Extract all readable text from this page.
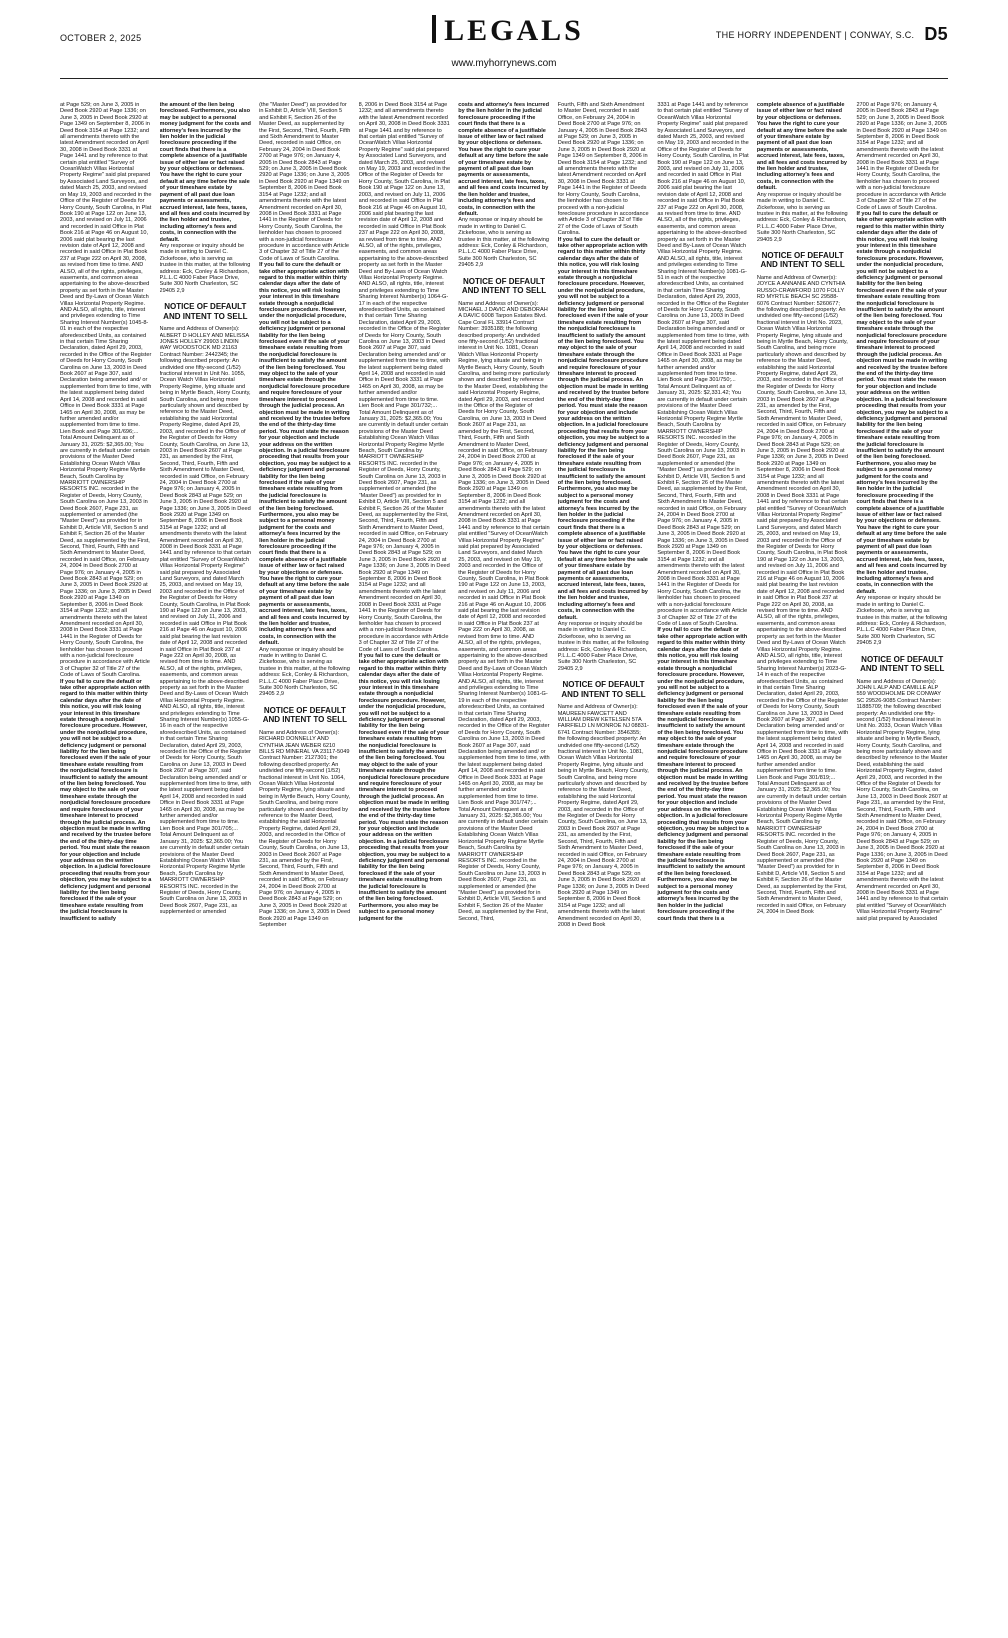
OCTOBER 2, 2025	LEGALS
www.myhorrynews.com
THE HORRY INDEPENDENT | CONWAY, S.C. D5

at Page 529; on June 3, 2005 in Deed Book 2920 at Page 1336; on June 3, 2005 in Deed Book 2920 at Page 1349 on September 8, 2006 in Deed Book 3154 at Page 1232; and all amendments thereto with the latest Amendment recorded on April 30, 2008 in Deed Book 3331 at Page 1441 and by reference to that certain plat entitled "Survey of OceanWatch Villas Horizontal Property Regime" said plat prepared by Associated Land Surveyors, and dated March 25, 2003, and revised on May 19, 2003 and recorded in the Office of the Register of Deeds for Horry County, South Carolina, in Plat Book 190 at Page 122 on June 13, 2003, and revised on July 11, 2006 and recorded in said Office in Plat Book 216 at Page 46 on August 10, 2006 said plat bearing the last revision date of April 12, 2008 and recorded in said Office in Plat Book 237 at Page 222 on April 30, 2008, as revised from time to time. AND ALSO, all of the rights, privileges, easements, and common areas appertaining to the above-described property as set forth in the Master Deed and By-Laws of Ocean Watch Villas Horizontal Property Regime. AND ALSO, all rights, title, interest and privileges extending to Time Sharing Interest Number(s) 1045-8-01 in each of the respective aforedescribed Units, as contained in that certain Time Sharing Declaration, dated April 29, 2003, recorded in the Office of the Register of Deeds for Horry County, South Carolina on June 13, 2003 in Deed Book 2607 at Page 307, said Declaration being amended and/ or supplemented from time to time, with the latest supplement being dated April 14, 2008 and recorded in said Office in Deed Book 3331 at Page 1465 on April 30, 2008, as may be further amended and/or supplemented from time to time. Lien Book and Page 301/696;... Total Amount Delinquent as of January 31, 2025: $2,365.00; You are currently in default under certain provisions of the Master Deed Establishing Ocean Watch Villas Horizontal Property Regime Myrtle Beach, South Carolina by MARRIOTT OWNERSHIP RESORTS INC. recorded in the Register of Deeds, Horry County, South Carolina on June 13, 2003 in Deed Book 2607, Page 231, as supplemented or amended (the "Master Deed") as provided for in Exhibit D, Article VIII, Section 5 and Exhibit F, Section 26 of the Master Deed, as supplemented by the First, Second, Third, Fourth, Fifth and Sixth Amendment to Master Deed, recorded in said Office, on February 24, 2004 in Deed Book 2700 at Page 976; on January 4, 2005 in Deed Book 2843 at Page 529; on June 3, 2005 in Deed Book 2920 at Page 1336; on June 3, 2005 in Deed Book 2920 at Page 1349 on September 8, 2006 in Deed Book 3154 at Page 1232; and all amendments thereto with the latest Amendment recorded on April 30, 2008 in Deed Book 3331 at Page 1441 in the Register of Deeds for Horry County, South Carolina, the lienholder has chosen to proceed with a non-judicial foreclosure procedure in accordance with Article 3 of Chapter 32 of Title 27 of the Code of Laws of South Carolina.

If you fail to cure the default or take other appropriate action with regard to this matter within thirty calendar days after the date of this notice, you will risk losing your interest in this timeshare estate through a nonjudicial foreclosure procedure. However, under the nonjudicial procedure, you will not be subject to a deficiency judgment or personal liability for the lien being foreclosed even if the sale of your timeshare estate resulting from the nonjudicial foreclosure is insufficient to satisfy the amount of the lien being foreclosed. You may object to the sale of your timeshare estate through the nonjudicial foreclosure procedure and require foreclosure of your timeshare interest to proceed through the judicial process. An objection must be made in writing and received by the trustee before the end of the thirty-day time period. You must state the reason for your objection and include your address on the written objection. In a judicial foreclosure proceeding that results from your objection, you may be subject to a deficiency judgment and personal liability for the lien being foreclosed if the sale of your timeshare estate resulting from the judicial foreclosure is insufficient to satisfy

the amount of the lien being foreclosed. Furthermore, you also may be subject to a personal money judgment for the costs and attorney's fees incurred by the lien holder in the judicial foreclosure proceeding if the court finds that there is a complete absence of a justifiable issue of either law or fact raised by your objections or defenses. You have the right to cure your default at any time before the sale of your timeshare estate by payment of all past due loan payments or assessments, accrued interest, late fees, taxes, and all fees and costs incurred by the lien holder and trustee, including attorney's fees and costs, in connection with the default.

Any response or inquiry should be made in writing to Daniel C. Zickefoose, who is serving as trustee in this matter, at the following address: Eck, Conley & Richardson, P.L.L.C 4000 Faber Place Drive, Suite 300 North Charleston, SC 29405 2,9

NOTICE OF DEFAULT AND INTENT TO SELL

Name and Address of Owner(s): ALBERT D HOLLEY AND MELISSA JONES HOLLEY 29903 LINDIN WAY WOODSTOCK MD 21163 Contract Number: 2442345; the following described property: An undivided one fifty-second (1/52) fractional interest in Unit No. 1055, Ocean Watch Villas Horizontal Property Regime, lying situate and being in Myrtle Beach, Horry County, South Carolina, and being more particularly shown and described by reference to the Master Deed, establishing the said Horizontal Property Regime, dated April 29, 2003, and recorded in the Office of the Register of Deeds for Horry County, South Carolina, on June 13, 2003 in Deed Book 2607 at Page 231, as amended by the First, Second, Third, Fourth, Fifth and Sixth Amendment to Master Deed, recorded in said Office, on February 24, 2004 in Deed Book 2700 at Page 976; on January 4, 2005 in Deed Book 2843 at Page 529; on June 3, 2005 in Deed Book 2920 at Page 1336; on June 3, 2005 in Deed Book 2920 at Page 1349 on September 8, 2006 in Deed Book 3154 at Page 1232; and all amendments thereto with the latest Amendment recorded on April 30, 2008 in Deed Book 3331 at Page 1441 and by reference to that certain plat entitled "Survey of OceanWatch Villas Horizontal Property Regime" said plat prepared by Associated Land Surveyors, and dated March 25, 2003, and revised on May 19, 2003 and recorded in the Office of the Register of Deeds for Horry County, South Carolina, in Plat Book 190 at Page 122 on June 13, 2003, and revised on July 11, 2006 and recorded in said Office in Plat Book 216 at Page 46 on August 10, 2006 said plat bearing the last revision date of April 12, 2008 and recorded in said Office in Plat Book 237 at Page 222 on April 30, 2008, as revised from time to time. AND ALSO, all of the rights, privileges, easements, and common areas appertaining to the above-described property as set forth in the Master Deed and By-Laws of Ocean Watch Villas Horizontal Property Regime. AND ALSO, all rights, title, interest and privileges extending to Time Sharing Interest Number(s) 1055-G-16 in each of the respective aforedescribed Units, as contained in that certain Time Sharing Declaration, dated April 29, 2003, recorded in the Office of the Register of Deeds for Horry County, South Carolina on June 13, 2003 in Deed Book 2607 at Page 307, said Declaration being amended and/ or supplemented from time to time, with the latest supplement being dated April 14, 2008 and recorded in said Office in Deed Book 3331 at Page 1465 on April 30, 2008, as may be further amended and/or supplemented from time to time. Lien Book and Page 301/705;... Total Amount Delinquent as of January 31, 2025: $2,365.00; You are currently in default under certain provisions of the Master Deed Establishing Ocean Watch Villas Horizontal Property Regime Myrtle Beach, South Carolina by MARRIOTT OWNERSHIP RESORTS INC. recorded in the Register of Deeds, Horry County, South Carolina on June 13, 2003 in Deed Book 2607, Page 231, as supplemented or amended

(the "Master Deed") as provided for in Exhibit D, Article VIII, Section 5 and Exhibit F, Section 26 of the Master Deed, as supplemented by the First, Second, Third, Fourth, Fifth and Sixth Amendment to Master Deed, recorded in said Office, on February 24, 2004 in Deed Book 2700 at Page 976; on January 4, 2005 in Deed Book 2843 at Page 529; on June 3, 2005 in Deed Book 2920 at Page 1336; on June 3, 2005 in Deed Book 2920 at Page 1349 on September 8, 2006 in Deed Book 3154 at Page 1232; and all amendments thereto with the latest Amendment recorded on April 30, 2008 in Deed Book 3331 at Page 1441 in the Register of Deeds for Horry County, South Carolina, the lienholder has chosen to proceed with a non-judicial foreclosure procedure in accordance with Article 3 of Chapter 32 of Title 27 of the Code of Laws of South Carolina.

If you fail to cure the default or take other appropriate action with regard to this matter within thirty calendar days after the date of this notice, you will risk losing your interest in this timeshare estate through a nonjudicial foreclosure procedure. However, under the nonjudicial procedure, you will not be subject to a deficiency judgment or personal liability for the lien being foreclosed even if the sale of your timeshare estate resulting from the nonjudicial foreclosure is insufficient to satisfy the amount of the lien being foreclosed. You may object to the sale of your timeshare estate through the nonjudicial foreclosure procedure and require foreclosure of your timeshare interest to proceed through the judicial process. An objection must be made in writing and received by the trustee before the end of the thirty-day time period. You must state the reason for your objection and include your address on the written objection. In a judicial foreclosure proceeding that results from your objection, you may be subject to a deficiency judgment and personal liability for the lien being foreclosed if the sale of your timeshare estate resulting from the judicial foreclosure is insufficient to satisfy the amount of the lien being foreclosed. Furthermore, you also may be subject to a personal money judgment for the costs and attorney's fees incurred by the lien holder in the judicial foreclosure proceeding if the court finds that there is a complete absence of a justifiable issue of either law or fact raised by your objections or defenses. You have the right to cure your default at any time before the sale of your timeshare estate by payment of all past due loan payments or assessments, accrued interest, late fees, taxes, and all fees and costs incurred by the lien holder and trustee, including attorney's fees and costs, in connection with the default.

Any response or inquiry should be made in writing to Daniel C. Zickefoose, who is serving as trustee in this matter, at the following address: Eck, Conley & Richardson, P.L.L.C 4000 Faber Place Drive, Suite 300 North Charleston, SC 29405 2,9

NOTICE OF DEFAULT AND INTENT TO SELL

Name and Address of Owner(s): RICHARD DONNELLY AND CYNTHIA JEAN WEBER 6210 BILLS RD MINERAL VA 23117-5049 Contract Number: 2127301; the following described property: An undivided one fifty-second (1/52) fractional interest in Unit No. 1064, Ocean Watch Villas Horizontal Property Regime, lying situate and being in Myrtle Beach, Horry County, South Carolina, and being more particularly shown and described by reference to the Master Deed, establishing the said Horizontal Property Regime, dated April 29, 2003, and recorded in the Office of the Register of Deeds for Horry County, South Carolina, on June 13, 2003 in Deed Book 2607 at Page 231, as amended by the First, Second, Third, Fourth, Fifth and Sixth Amendment to Master Deed, recorded in said Office, on February 24, 2004 in Deed Book 2700 at Page 976; on January 4, 2005 in Deed Book 2843 at Page 529; on June 3, 2005 in Deed Book 2920 at Page 1336; on June 3, 2005 in Deed Book 2920 at Page 1349 on September

8, 2006 in Deed Book 3154 at Page 1232; and all amendments thereto with the latest Amendment recorded on April 30, 2008 in Deed Book 3331 at Page 1441 and by reference to that certain plat entitled "Survey of OceanWatch Villas Horizontal Property Regime" said plat prepared by Associated Land Surveyors, and dated March 25, 2003, and revised on May 19, 2003 and recorded in the Office of the Register of Deeds for Horry County, South Carolina, in Plat Book 190 at Page 122 on June 13, 2003, and revised on July 11, 2006 and recorded in said Office in Plat Book 216 at Page 46 on August 10, 2006 said plat bearing the last revision date of April 12, 2008 and recorded in said Office in Plat Book 237 at Page 222 on April 30, 2008, as revised from time to time. AND ALSO, all of the rights, privileges, easements, and common areas appertaining to the above-described property as set forth in the Master Deed and By-Laws of Ocean Watch Villas Horizontal Property Regime. AND ALSO, all rights, title, interest and privileges extending to Time Sharing Interest Number(s) 1064-G-17 in each of the respective aforedescribed Units, as contained in that certain Time Sharing Declaration, dated April 29, 2003, recorded in the Office of the Register of Deeds for Horry County, South Carolina on June 13, 2003 in Deed Book 2607 at Page 307, said Declaration being amended and/ or supplemented from time to time, with the latest supplement being dated April 14, 2008 and recorded in said Office in Deed Book 3331 at Page 1465 on April 30, 2008, as may be further amended and/or supplemented from time to time. Lien Book and Page 301/732;... Total Amount Delinquent as of January 31, 2025: $2,365.00; You are currently in default under certain provisions of the Master Deed Establishing Ocean Watch Villas Horizontal Property Regime Myrtle Beach, South Carolina by MARRIOTT OWNERSHIP RESORTS INC. recorded in the Register of Deeds, Horry County, South Carolina on June 13, 2003 in Deed Book 2607, Page 231, as supplemented or amended (the "Master Deed") as provided for in Exhibit D, Article VIII, Section 5 and Exhibit F, Section 26 of the Master Deed, as supplemented by the First, Second, Third, Fourth, Fifth and Sixth Amendment to Master Deed, recorded in said Office, on February 24, 2004 in Deed Book 2700 at Page 976; on January 4, 2005 in Deed Book 2843 at Page 529; on June 3, 2005 in Deed Book 2920 at Page 1336; on June 3, 2005 in Deed Book 2920 at Page 1349 on September 8, 2006 in Deed Book 3154 at Page 1232; and all amendments thereto with the latest Amendment recorded on April 30, 2008 in Deed Book 3331 at Page 1441 in the Register of Deeds for Horry County, South Carolina, the lienholder has chosen to proceed with a non-judicial foreclosure procedure in accordance with Article 3 of Chapter 32 of Title 27 of the Code of Laws of South Carolina.

If you fail to cure the default or take other appropriate action with regard to this matter within thirty calendar days after the date of this notice, you will risk losing your interest in this timeshare estate through a nonjudicial foreclosure procedure. However, under the nonjudicial procedure, you will not be subject to a deficiency judgment or personal liability for the lien being foreclosed even if the sale of your timeshare estate resulting from the nonjudicial foreclosure is insufficient to satisfy the amount of the lien being foreclosed. You may object to the sale of your timeshare estate through the nonjudicial foreclosure procedure and require foreclosure of your timeshare interest to proceed through the judicial process. An objection must be made in writing and received by the trustee before the end of the thirty-day time period. You must state the reason for your objection and include your address on the written objection. In a judicial foreclosure proceeding that results from your objection, you may be subject to a deficiency judgment and personal liability for the lien being foreclosed if the sale of your timeshare estate resulting from the judicial foreclosure is insufficient to satisfy the amount of the lien being foreclosed. Furthermore, you also may be subject to a personal money judgment for the

costs and attorney's fees incurred by the lien holder in the judicial foreclosure proceeding if the court finds that there is a complete absence of a justifiable issue of either law or fact raised by your objections or defenses. You have the right to cure your default at any time before the sale of your timeshare estate by payment of all past due loan payments or assessments, accrued interest, late fees, taxes, and all fees and costs incurred by the lien holder and trustee, including attorney's fees and costs, in connection with the default.

Any response or inquiry should be made in writing to Daniel C. Zickefoose, who is serving as trustee in this matter, at the following address: Eck, Conley & Richardson, P.L.L.C 4000 Faber Place Drive, Suite 300 North Charleston, SC 29405 2,9

NOTICE OF DEFAULT AND INTENT TO SELL

Name and Address of Owner(s): MICHAEL J DAVIC AND DEBORAH A DAVIC 6008 Tarpon Estates Blvd. Cape Coral FL 33914 Contract Number: 3935188; the following described property: An undivided one fifty-second (1/52) fractional interest in Unit No. 1081, Ocean Watch Villas Horizontal Property Regime, lying situate and being in Myrtle Beach, Horry County, South Carolina, and being more particularly shown and described by reference to the Master Deed, establishing the said Horizontal Property Regime, dated April 29, 2003, and recorded in the Office of the Register of Deeds for Horry County, South Carolina, on June 13, 2003 in Deed Book 2607 at Page 231, as amended by the First, Second, Third, Fourth, Fifth and Sixth Amendment to Master Deed, recorded in said Office, on February 24, 2004 in Deed Book 2700 at Page 976; on January 4, 2005 in Deed Book 2843 at Page 529; on June 3, 2005 in Deed Book 2920 at Page 1336; on June 3, 2005 in Deed Book 2920 at Page 1349 on September 8, 2006 in Deed Book 3154 at Page 1232; and all amendments thereto with the latest Amendment recorded on April 30, 2008 in Deed Book 3331 at Page 1441 and by reference to that certain plat entitled "Survey of OceanWatch Villas Horizontal Property Regime" said plat prepared by Associated Land Surveyors, and dated March 25, 2003, and revised on May 19, 2003 and recorded in the Office of the Register of Deeds for Horry County, South Carolina, in Plat Book 190 at Page 122 on June 13, 2003, and revised on July 11, 2006 and recorded in said Office in Plat Book 216 at Page 46 on August 10, 2006 said plat bearing the last revision date of April 12, 2008 and recorded in said Office in Plat Book 237 at Page 222 on April 30, 2008, as revised from time to time. AND ALSO, all of the rights, privileges, easements, and common areas appertaining to the above-described property as set forth in the Master Deed and By-Laws of Ocean Watch Villas Horizontal Property Regime. AND ALSO, all rights, title, interest and privileges extending to Time Sharing Interest Number(s) 1081-G-19 in each of the respective aforedescribed Units, as contained in that certain Time Sharing Declaration, dated April 29, 2003, recorded in the Office of the Register of Deeds for Horry County, South Carolina on June 13, 2003 in Deed Book 2607 at Page 307, said Declaration being amended and/ or supplemented from time to time, with the latest supplement being dated April 14, 2008 and recorded in said Office in Deed Book 3331 at Page 1465 on April 30, 2008, as may be further amended and/or supplemented from time to time. Lien Book and Page 301/747;... Total Amount Delinquent as of January 31, 2025: $2,365.00; You are currently in default under certain provisions of the Master Deed Establishing Ocean Watch Villas Horizontal Property Regime Myrtle Beach, South Carolina by MARRIOTT OWNERSHIP RESORTS INC. recorded in the Register of Deeds, Horry County, South Carolina on June 13, 2003 in Deed Book 2607, Page 231, as supplemented or amended (the "Master Deed") as provided for in Exhibit D, Article VIII, Section 5 and Exhibit F, Section 26 of the Master Deed, as supplemented by the First, Second, Third,

Fourth, Fifth and Sixth Amendment to Master Deed, recorded in said Office, on February 24, 2004 in Deed Book 2700 at Page 976; on January 4, 2005 in Deed Book 2843 at Page 529; on June 3, 2005 in Deed Book 2920 at Page 1336; on June 3, 2005 in Deed Book 2920 at Page 1349 on September 8, 2006 in Deed Book 3154 at Page 1232; and all amendments thereto with the latest Amendment recorded on April 30, 2008 in Deed Book 3331 at Page 1441 in the Register of Deeds for Horry County, South Carolina, the lienholder has chosen to proceed with a non-judicial foreclosure procedure in accordance with Article 3 of Chapter 32 of Title 27 of the Code of Laws of South Carolina.

If you fail to cure the default or take other appropriate action with regard to this matter within thirty calendar days after the date of this notice, you will risk losing your interest in this timeshare estate through a nonjudicial foreclosure procedure. However, under the nonjudicial procedure, you will not be subject to a deficiency judgment or personal liability for the lien being foreclosed even if the sale of your timeshare estate resulting from the nonjudicial foreclosure is insufficient to satisfy the amount of the lien being foreclosed. You may object to the sale of your timeshare estate through the nonjudicial foreclosure procedure and require foreclosure of your timeshare interest to proceed through the judicial process. An objection must be made in writing and received by the trustee before the end of the thirty-day time period. You must state the reason for your objection and include your address on the written objection. In a judicial foreclosure proceeding that results from your objection, you may be subject to a deficiency judgment and personal liability for the lien being foreclosed if the sale of your timeshare estate resulting from the judicial foreclosure is insufficient to satisfy the amount of the lien being foreclosed. Furthermore, you also may be subject to a personal money judgment for the costs and attorney's fees incurred by the lien holder in the judicial foreclosure proceeding if the court finds that there is a complete absence of a justifiable issue of either law or fact raised by your objections or defenses. You have the right to cure your default at any time before the sale of your timeshare estate by payment of all past due loan payments or assessments, accrued interest, late fees, taxes, and all fees and costs incurred by the lien holder and trustee, including attorney's fees and costs, in connection with the default.

Any response or inquiry should be made in writing to Daniel C. Zickefoose, who is serving as trustee in this matter, at the following address: Eck, Conley & Richardson, P.L.L.C 4000 Faber Place Drive, Suite 300 North Charleston, SC 29405 2,9

NOTICE OF DEFAULT AND INTENT TO SELL

Name and Address of Owner(s): MAUREEN FAWCETT AND WILLIAM DREW KETELSEN 57A FAIRFIELD LN MONROE NJ 08831-6741 Contract Number: 3546355; the following described property: An undivided one fifty-second (1/52) fractional interest in Unit No. 1081, Ocean Watch Villas Horizontal Property Regime, lying situate and being in Myrtle Beach, Horry County, South Carolina, and being more particularly shown and described by reference to the Master Deed, establishing the said Horizontal Property Regime, dated April 29, 2003, and recorded in the Office of the Register of Deeds for Horry County, South Carolina, on June 13, 2003 in Deed Book 2607 at Page 231, as amended by the First, Second, Third, Fourth, Fifth and Sixth Amendment to Master Deed, recorded in said Office, on February 24, 2004 in Deed Book 2700 at Page 976; on January 4, 2005 in Deed Book 2843 at Page 529; on June 3, 2005 in Deed Book 2920 at Page 1336; on June 3, 2005 in Deed Book 2920 at Page 1349 on September 8, 2006 in Deed Book 3154 at Page 1232; and all amendments thereto with the latest Amendment recorded on April 30, 2008 in Deed Book

3331 at Page 1441 and by reference to that certain plat entitled "Survey of OceanWatch Villas Horizontal Property Regime" said plat prepared by Associated Land Surveyors, and dated March 25, 2003, and revised on May 19, 2003 and recorded in the Office of the Register of Deeds for Horry County, South Carolina, in Plat Book 190 at Page 122 on June 13, 2003, and revised on July 11, 2006 and recorded in said Office in Plat Book 216 at Page 46 on August 10, 2006 said plat bearing the last revision date of April 12, 2008 and recorded in said Office in Plat Book 237 at Page 222 on April 30, 2008, as revised from time to time. AND ALSO, all of the rights, privileges, easements, and common areas appertaining to the above-described property as set forth in the Master Deed and By-Laws of Ocean Watch Villas Horizontal Property Regime. AND ALSO, all rights, title, interest and privileges extending to Time Sharing Interest Number(s) 1081-G-51 in each of the respective aforedescribed Units, as contained in that certain Time Sharing Declaration, dated April 29, 2003, recorded in the Office of the Register of Deeds for Horry County, South Carolina on June 13, 2003 in Deed Book 2607 at Page 307, said Declaration being amended and/ or supplemented from time to time, with the latest supplement being dated April 14, 2008 and recorded in said Office in Deed Book 3331 at Page 1465 on April 30, 2008, as may be further amended and/or supplemented from time to time. Lien Book and Page 301/750;... Total Amount Delinquent as of January 31, 2025: $2,331.42; You are currently in default under certain provisions of the Master Deed Establishing Ocean Watch Villas Horizontal Property Regime Myrtle Beach, South Carolina by MARRIOTT OWNERSHIP RESORTS INC. recorded in the Register of Deeds, Horry County, South Carolina on June 13, 2003 in Deed Book 2607, Page 231, as supplemented or amended (the "Master Deed") as provided for in Exhibit D, Article VIII, Section 5 and Exhibit F, Section 26 of the Master Deed, as supplemented by the First, Second, Third, Fourth, Fifth and Sixth Amendment to Master Deed, recorded in said Office, on February 24, 2004 in Deed Book 2700 at Page 976; on January 4, 2005 in Deed Book 2843 at Page 529; on June 3, 2005 in Deed Book 2920 at Page 1336; on June 3, 2005 in Deed Book 2920 at Page 1349 on September 8, 2006 in Deed Book 3154 at Page 1232; and all amendments thereto with the latest Amendment recorded on April 30, 2008 in Deed Book 3331 at Page 1441 in the Register of Deeds for Horry County, South Carolina, the lienholder has chosen to proceed with a non-judicial foreclosure procedure in accordance with Article 3 of Chapter 32 of Title 27 of the Code of Laws of South Carolina.

If you fail to cure the default or take other appropriate action with regard to this matter within thirty calendar days after the date of this notice, you will risk losing your interest in this timeshare estate through a nonjudicial foreclosure procedure. However, under the nonjudicial procedure, you will not be subject to a deficiency judgment or personal liability for the lien being foreclosed even if the sale of your timeshare estate resulting from the nonjudicial foreclosure is insufficient to satisfy the amount of the lien being foreclosed. You may object to the sale of your timeshare estate through the nonjudicial foreclosure procedure and require foreclosure of your timeshare interest to proceed through the judicial process. An objection must be made in writing and received by the trustee before the end of the thirty-day time period. You must state the reason for your objection and include your address on the written objection. In a judicial foreclosure proceeding that results from your objection, you may be subject to a deficiency judgment and personal liability for the lien being foreclosed if the sale of your timeshare estate resulting from the judicial foreclosure is insufficient to satisfy the amount of the lien being foreclosed. Furthermore, you also may be subject to a personal money judgment for the costs and attorney's fees incurred by the lien holder in the judicial foreclosure proceeding if the court finds that there is a

complete absence of a justifiable issue of either law or fact raised by your objections or defenses. You have the right to cure your default at any time before the sale of your timeshare estate by payment of all past due loan payments or assessments, accrued interest, late fees, taxes, and all fees and costs incurred by the lien holder and trustee, including attorney's fees and costs, in connection with the default.

Any response or inquiry should be made in writing to Daniel C. Zickefoose, who is serving as trustee in this matter, at the following address: Eck, Conley & Richardson, P.L.L.C 4000 Faber Place Drive, Suite 300 North Charleston, SC 29405 2,9

NOTICE OF DEFAULT AND INTENT TO SELL

Name and Address of Owner(s): JOYCE A ANNANIE AND CYNTHIA RUSSO-CRAWFORD 1070 FOLLY RD MYRTLE BEACH SC 29588-6076 Contract Number: 5260677; the following described property: An undivided one fifty-second (1/52) fractional interest in Unit No. 2023, Ocean Watch Villas Horizontal Property Regime, lying situate and being in Myrtle Beach, Horry County, South Carolina, and being more particularly shown and described by reference to the Master Deed, establishing the said Horizontal Property Regime, dated April 29, 2003, and recorded in the Office of the Register of Deeds for Horry County, South Carolina, on June 13, 2003 in Deed Book 2607 at Page 231, as amended by the First, Second, Third, Fourth, Fifth and Sixth Amendment to Master Deed, recorded in said Office, on February 24, 2004 in Deed Book 2700 at Page 976; on January 4, 2005 in Deed Book 2843 at Page 529; on June 3, 2005 in Deed Book 2920 at Page 1336; on June 3, 2005 in Deed Book 2920 at Page 1349 on September 8, 2006 in Deed Book 3154 at Page 1232; and all amendments thereto with the latest Amendment recorded on April 30, 2008 in Deed Book 3331 at Page 1441 and by reference to that certain plat entitled "Survey of OceanWatch Villas Horizontal Property Regime" said plat prepared by Associated Land Surveyors, and dated March 25, 2003, and revised on May 19, 2003 and recorded in the Office of the Register of Deeds for Horry County, South Carolina, in Plat Book 190 at Page 122 on June 13, 2003, and revised on July 11, 2006 and recorded in said Office in Plat Book 216 at Page 46 on August 10, 2006 said plat bearing the last revision date of April 12, 2008 and recorded in said Office in Plat Book 237 at Page 222 on April 30, 2008, as revised from time to time. AND ALSO, all of the rights, privileges, easements, and common areas appertaining to the above-described property as set forth in the Master Deed and By-Laws of Ocean Watch Villas Horizontal Property Regime. AND ALSO, all rights, title, interest and privileges extending to Time Sharing Interest Number(s) 2023-G-14 in each of the respective aforedescribed Units, as contained in that certain Time Sharing Declaration, dated April 29, 2003, recorded in the Office of the Register of Deeds for Horry County, South Carolina on June 13, 2003 in Deed Book 2607 at Page 307, said Declaration being amended and/ or supplemented from time to time, with the latest supplement being dated April 14, 2008 and recorded in said Office in Deed Book 3331 at Page 1465 on April 30, 2008, as may be further amended and/or supplemented from time to time. Lien Book and Page 301/819;... Total Amount Delinquent as of January 31, 2025: $2,365.00; You are currently in default under certain provisions of the Master Deed Establishing Ocean Watch Villas Horizontal Property Regime Myrtle Beach, South Carolina by MARRIOTT OWNERSHIP RESORTS INC. recorded in the Register of Deeds, Horry County, South Carolina on June 13, 2003 in Deed Book 2607, Page 231, as supplemented or amended (the "Master Deed") as provided for in Exhibit D, Article VIII, Section 5 and Exhibit F, Section 26 of the Master Deed, as supplemented by the First, Second, Third, Fourth, Fifth and Sixth Amendment to Master Deed, recorded in said Office, on February 24, 2004 in Deed Book

2700 at Page 976; on January 4, 2005 in Deed Book 2843 at Page 529; on June 3, 2005 in Deed Book 2920 at Page 1336; on June 3, 2005 in Deed Book 2920 at Page 1349 on September 8, 2006 in Deed Book 3154 at Page 1232; and all amendments thereto with the latest Amendment recorded on April 30, 2008 in Deed Book 3331 at Page 1441 in the Register of Deeds for Horry County, South Carolina, the lienholder has chosen to proceed with a non-judicial foreclosure procedure in accordance with Article 3 of Chapter 32 of Title 27 of the Code of Laws of South Carolina.

If you fail to cure the default or take other appropriate action with regard to this matter within thirty calendar days after the date of this notice, you will risk losing your interest in this timeshare estate through a nonjudicial foreclosure procedure. However, under the nonjudicial procedure, you will not be subject to a deficiency judgment or personal liability for the lien being foreclosed even if the sale of your timeshare estate resulting from the nonjudicial foreclosure is insufficient to satisfy the amount of the lien being foreclosed. You may object to the sale of your timeshare estate through the nonjudicial foreclosure procedure and require foreclosure of your timeshare interest to proceed through the judicial process. An objection must be made in writing and received by the trustee before the end of the thirty-day time period. You must state the reason for your objection and include your address on the written objection. In a judicial foreclosure proceeding that results from your objection, you may be subject to a deficiency judgment and personal liability for the lien being foreclosed if the sale of your timeshare estate resulting from the judicial foreclosure is insufficient to satisfy the amount of the lien being foreclosed. Furthermore, you also may be subject to a personal money judgment for the costs and attorney's fees incurred by the lien holder in the judicial foreclosure proceeding if the court finds that there is a complete absence of a justifiable issue of either law or fact raised by your objections or defenses. You have the right to cure your default at any time before the sale of your timeshare estate by payment of all past due loan payments or assessments, accrued interest, late fees, taxes, and all fees and costs incurred by the lien holder and trustee, including attorney's fees and costs, in connection with the default.

Any response or inquiry should be made in writing to Daniel C. Zickefoose, who is serving as trustee in this matter, at the following address: Eck, Conley & Richardson, P.L.L.C 4000 Faber Place Drive, Suite 300 North Charleston, SC 29405 2,9

NOTICE OF DEFAULT AND INTENT TO SELL

Name and Address of Owner(s): JOHN L ALP AND CAMILLE ALP 559 WOODHOLME DR CONWAY SC 29526-9085 Contract Number: 11885709; the following described property: An undivided one fifty-second (1/52) fractional interest in Unit No. 2033, Ocean Watch Villas Horizontal Property Regime, lying situate and being in Myrtle Beach, Horry County, South Carolina, and being more particularly shown and described by reference to the Master Deed, establishing the said Horizontal Property Regime, dated April 29, 2003, and recorded in the Office of the Register of Deeds for Horry County, South Carolina, on June 13, 2003 in Deed Book 2607 at Page 231, as amended by the First, Second, Third, Fourth, Fifth and Sixth Amendment to Master Deed, recorded in said Office, on February 24, 2004 in Deed Book 2700 at Page 976; on January 4, 2005 in Deed Book 2843 at Page 529; on June 3, 2005 in Deed Book 2920 at Page 1336; on June 3, 2005 in Deed Book 2920 at Page 1349 on September 8, 2006 in Deed Book 3154 at Page 1232; and all amendments thereto with the latest Amendment recorded on April 30, 2008 in Deed Book 3331 at Page 1441 and by reference to that certain plat entitled "Survey of OceanWatch Villas Horizontal Property Regime" said plat prepared by Associated
